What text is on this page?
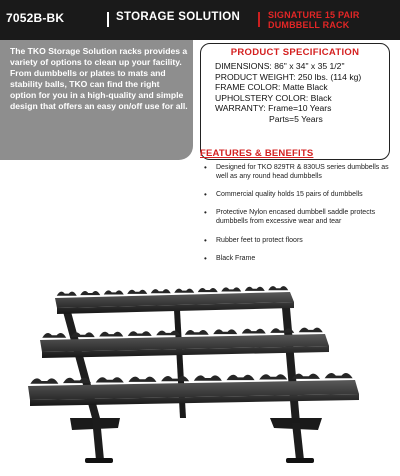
7052B-BK	STORAGE SOLUTION	SIGNATURE 15 PAIR
DUMBBELL RACK

The TKO Storage Solution racks provides a variety of options to clean up your facility. From dumbbells or plates to mats and stability balls, TKO can find the right option for you in a high-quality and simple design that offers an easy on/off use for all.

PRODUCT SPECIFICATION
DIMENSIONS: 86" x 34" x 35 1/2"
PRODUCT WEIGHT: 250 lbs. (114 kg)
FRAME COLOR: Matte Black
UPHOLSTERY COLOR: Black
WARRANTY: Frame=10 Years
Parts=5 Years
FEATURES & BENEFITS
• Designed for TKO 829TR & 830US series dumbbells as well as any round head dumbbells
• Commercial quality holds 15 pairs of dumbbells
• Protective Nylon encased dumbbell saddle protects dumbbells from excessive wear and tear
• Rubber feet to protect floors
• Black Frame
